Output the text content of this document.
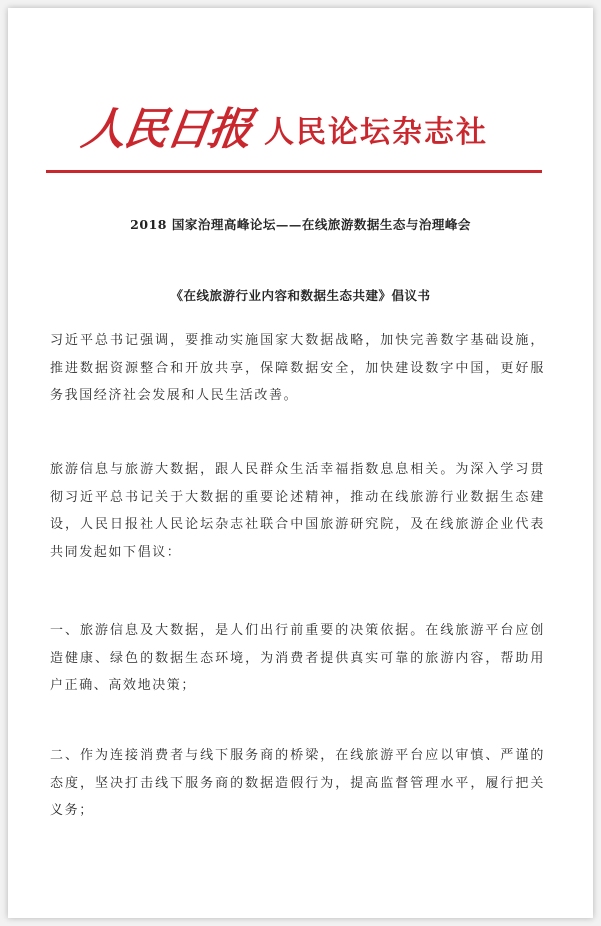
人民日报 人民论坛杂志社
2018 国家治理高峰论坛——在线旅游数据生态与治理峰会
《在线旅游行业内容和数据生态共建》倡议书

习近平总书记强调，要推动实施国家大数据战略，加快完善数字基础设施，推进数据资源整合和开放共享，保障数据安全，加快建设数字中国，更好服务我国经济社会发展和人民生活改善。

旅游信息与旅游大数据，跟人民群众生活幸福指数息息相关。为深入学习贯彻习近平总书记关于大数据的重要论述精神，推动在线旅游行业数据生态建设，人民日报社人民论坛杂志社联合中国旅游研究院，及在线旅游企业代表共同发起如下倡议：

一、旅游信息及大数据，是人们出行前重要的决策依据。在线旅游平台应创造健康、绿色的数据生态环境，为消费者提供真实可靠的旅游内容，帮助用户正确、高效地决策；

二、作为连接消费者与线下服务商的桥梁，在线旅游平台应以审慎、严谨的态度，坚决打击线下服务商的数据造假行为，提高监督管理水平，履行把关义务；
